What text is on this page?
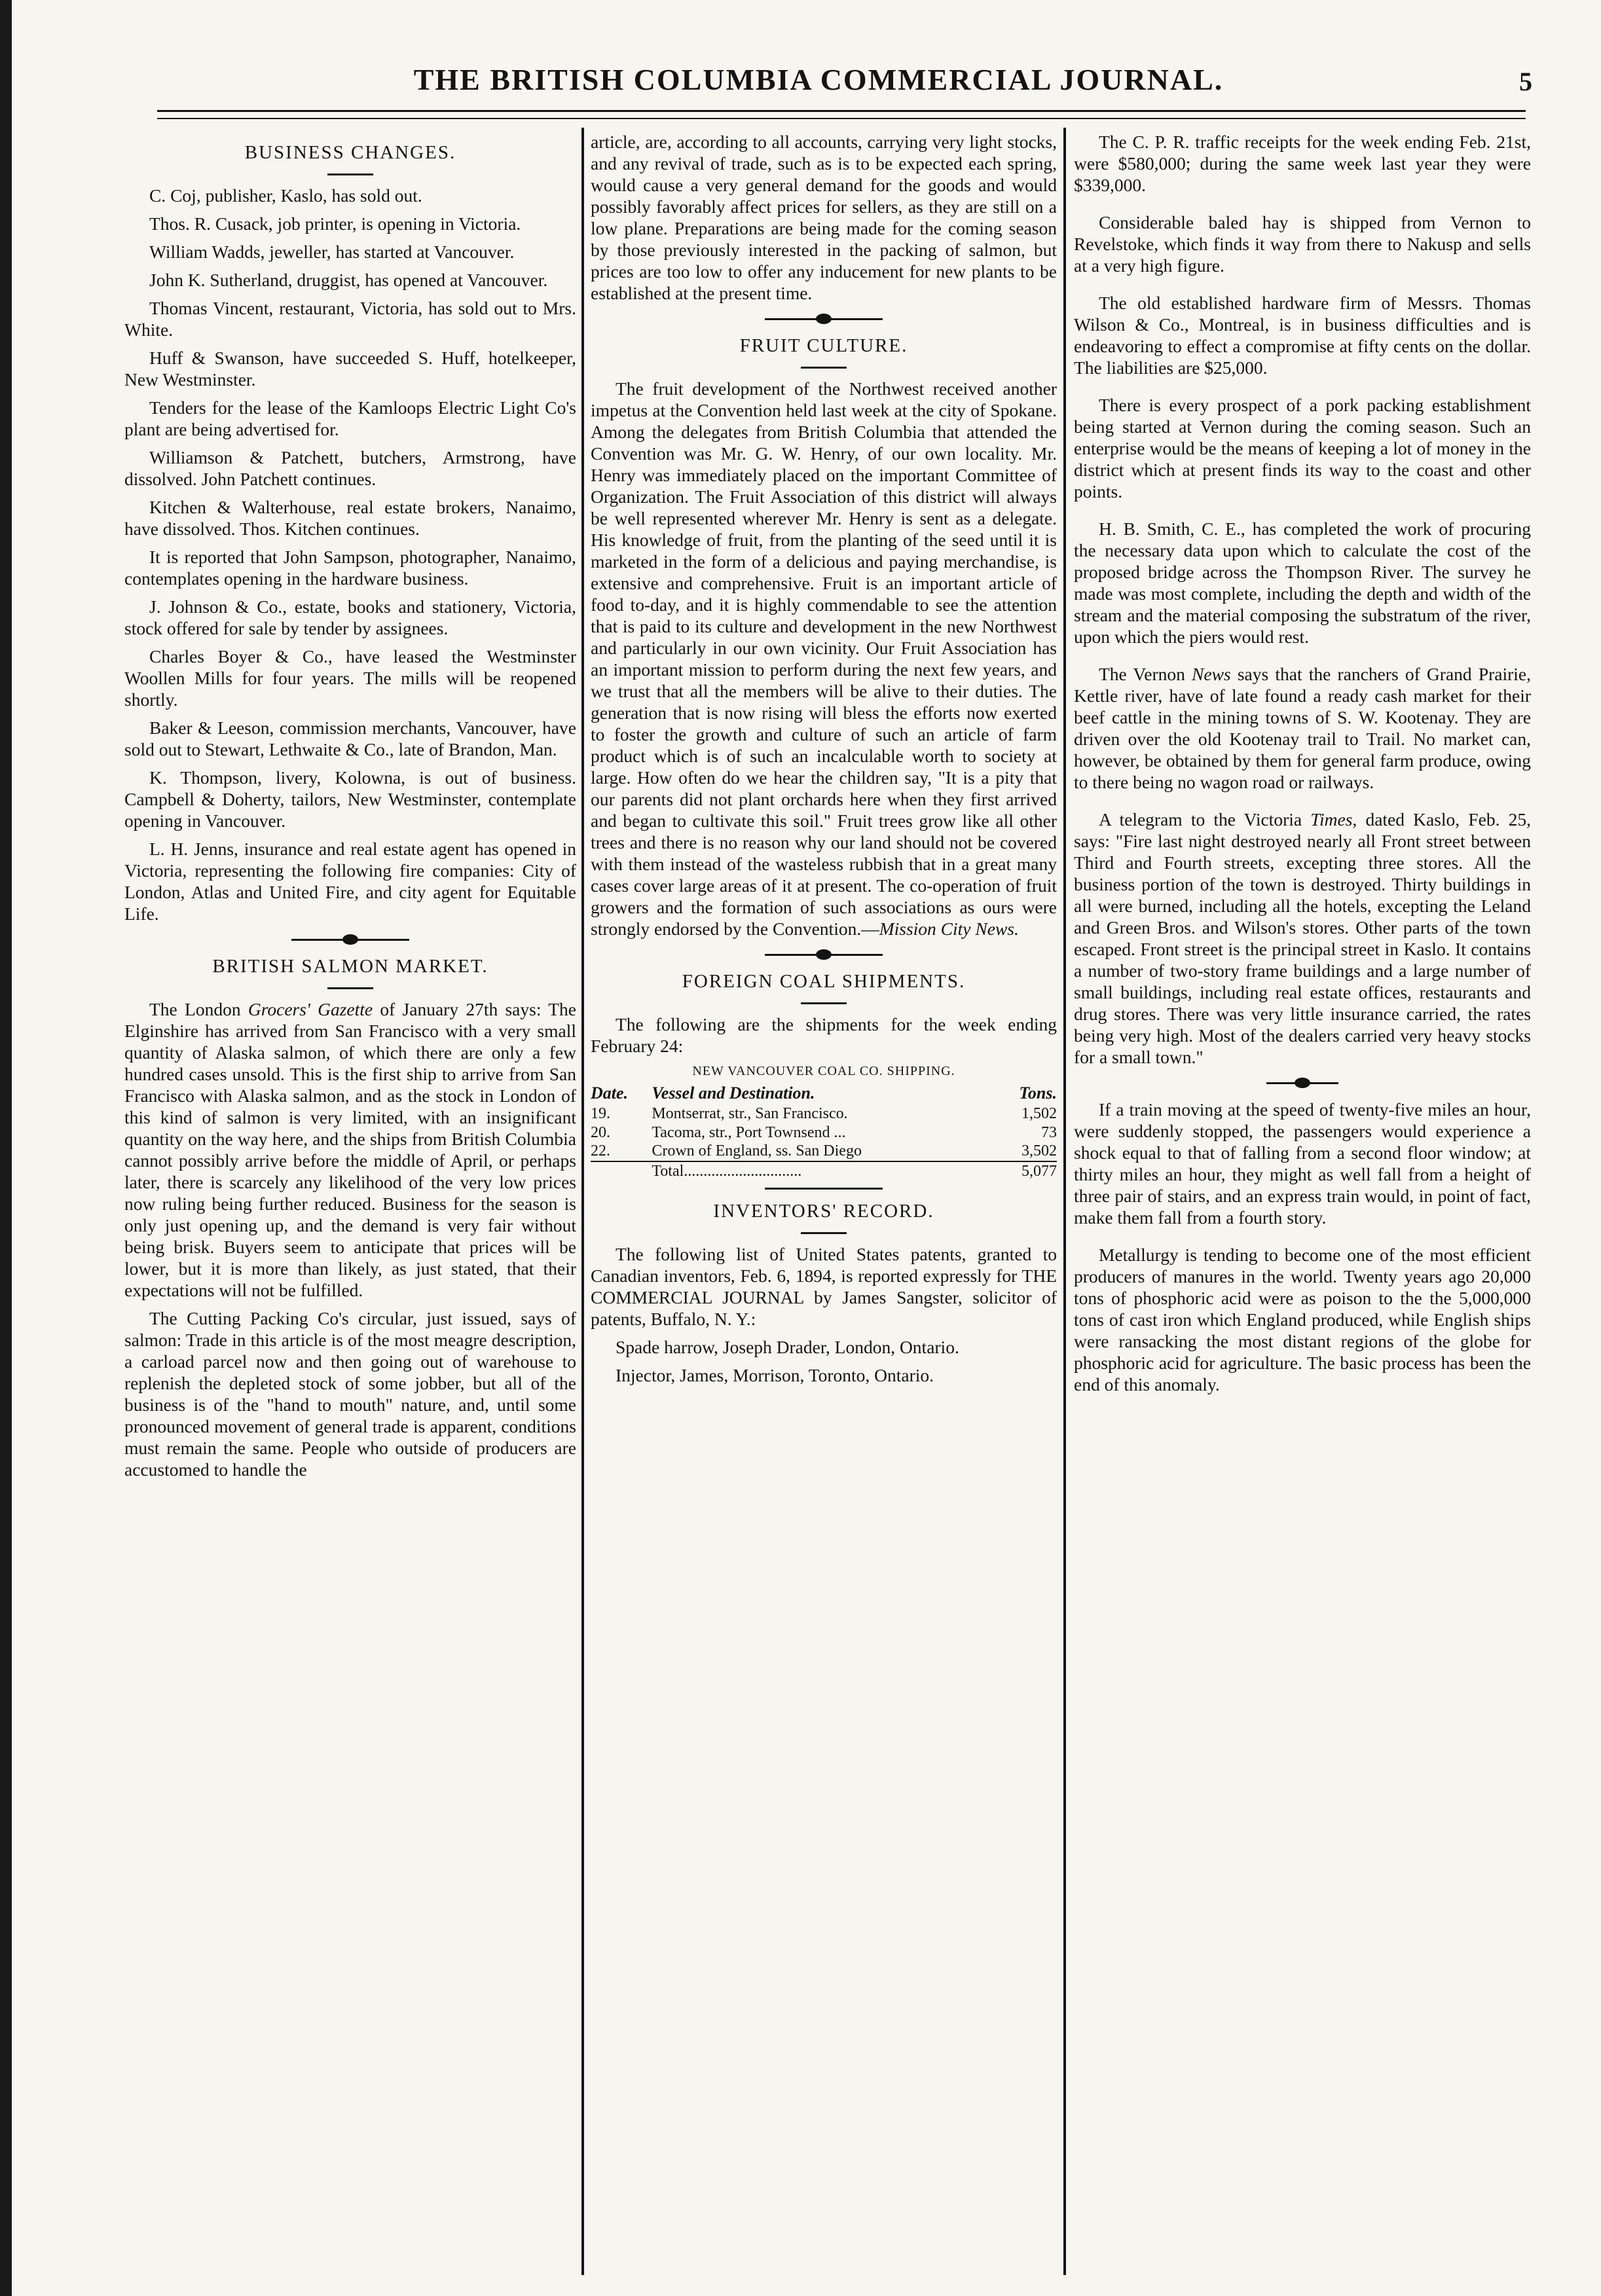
THE BRITISH COLUMBIA COMMERCIAL JOURNAL.	5
BUSINESS CHANGES.

C. Coj, publisher, Kaslo, has sold out.

Thos. R. Cusack, job printer, is opening in Victoria.

William Wadds, jeweller, has started at Vancouver.

John K. Sutherland, druggist, has opened at Vancouver.

Thomas Vincent, restaurant, Victoria, has sold out to Mrs. White.

Huff & Swanson, have succeeded S. Huff, hotelkeeper, New Westminster.

Tenders for the lease of the Kamloops Electric Light Co's plant are being advertised for.

Williamson & Patchett, butchers, Armstrong, have dissolved. John Patchett continues.

Kitchen & Walterhouse, real estate brokers, Nanaimo, have dissolved. Thos. Kitchen continues.

It is reported that John Sampson, photographer, Nanaimo, contemplates opening in the hardware business.

J. Johnson & Co., estate, books and stationery, Victoria, stock offered for sale by tender by assignees.

Charles Boyer & Co., have leased the Westminster Woollen Mills for four years. The mills will be reopened shortly.

Baker & Leeson, commission merchants, Vancouver, have sold out to Stewart, Lethwaite & Co., late of Brandon, Man.

K. Thompson, livery, Kolowna, is out of business. Campbell & Doherty, tailors, New Westminster, contemplate opening in Vancouver.

L. H. Jenns, insurance and real estate agent has opened in Victoria, representing the following fire companies: City of London, Atlas and United Fire, and city agent for Equitable Life.

BRITISH SALMON MARKET.

The London Grocers' Gazette of January 27th says: The Elginshire has arrived from San Francisco with a very small quantity of Alaska salmon, of which there are only a few hundred cases unsold. This is the first ship to arrive from San Francisco with Alaska salmon, and as the stock in London of this kind of salmon is very limited, with an insignificant quantity on the way here, and the ships from British Columbia cannot possibly arrive before the middle of April, or perhaps later, there is scarcely any likelihood of the very low prices now ruling being further reduced. Business for the season is only just opening up, and the demand is very fair without being brisk. Buyers seem to anticipate that prices will be lower, but it is more than likely, as just stated, that their expectations will not be fulfilled.

The Cutting Packing Co's circular, just issued, says of salmon: Trade in this article is of the most meagre description, a carload parcel now and then going out of warehouse to replenish the depleted stock of some jobber, but all of the business is of the "hand to mouth" nature, and, until some pronounced movement of general trade is apparent, conditions must remain the same. People who outside of producers are accustomed to handle the

article, are, according to all accounts, carrying very light stocks, and any revival of trade, such as is to be expected each spring, would cause a very general demand for the goods and would possibly favorably affect prices for sellers, as they are still on a low plane. Preparations are being made for the coming season by those previously interested in the packing of salmon, but prices are too low to offer any inducement for new plants to be established at the present time.

FRUIT CULTURE.

The fruit development of the Northwest received another impetus at the Convention held last week at the city of Spokane. Among the delegates from British Columbia that attended the Convention was Mr. G. W. Henry, of our own locality. Mr. Henry was immediately placed on the important Committee of Organization. The Fruit Association of this district will always be well represented wherever Mr. Henry is sent as a delegate. His knowledge of fruit, from the planting of the seed until it is marketed in the form of a delicious and paying merchandise, is extensive and comprehensive. Fruit is an important article of food to-day, and it is highly commendable to see the attention that is paid to its culture and development in the new Northwest and particularly in our own vicinity. Our Fruit Association has an important mission to perform during the next few years, and we trust that all the members will be alive to their duties. The generation that is now rising will bless the efforts now exerted to foster the growth and culture of such an article of farm product which is of such an incalculable worth to society at large. How often do we hear the children say, "It is a pity that our parents did not plant orchards here when they first arrived and began to cultivate this soil." Fruit trees grow like all other trees and there is no reason why our land should not be covered with them instead of the wasteless rubbish that in a great many cases cover large areas of it at present. The co-operation of fruit growers and the formation of such associations as ours were strongly endorsed by the Convention.—Mission City News.

FOREIGN COAL SHIPMENTS.

The following are the shipments for the week ending February 24:

NEW VANCOUVER COAL CO. SHIPPING.
Date.	Vessel and Destination.	Tons.
19.	Montserrat, str., San Francisco.	1,502
20.	Tacoma, str., Port Townsend ...	73
22.	Crown of England, ss. San Diego	3,502
	Total..............................	5,077
INVENTORS' RECORD.

The following list of United States patents, granted to Canadian inventors, Feb. 6, 1894, is reported expressly for THE COMMERCIAL JOURNAL by James Sangster, solicitor of patents, Buffalo, N. Y.:

Spade harrow, Joseph Drader, London, Ontario.

Injector, James, Morrison, Toronto, Ontario.

The C. P. R. traffic receipts for the week ending Feb. 21st, were $580,000; during the same week last year they were $339,000.

Considerable baled hay is shipped from Vernon to Revelstoke, which finds it way from there to Nakusp and sells at a very high figure.

The old established hardware firm of Messrs. Thomas Wilson & Co., Montreal, is in business difficulties and is endeavoring to effect a compromise at fifty cents on the dollar. The liabilities are $25,000.

There is every prospect of a pork packing establishment being started at Vernon during the coming season. Such an enterprise would be the means of keeping a lot of money in the district which at present finds its way to the coast and other points.

H. B. Smith, C. E., has completed the work of procuring the necessary data upon which to calculate the cost of the proposed bridge across the Thompson River. The survey he made was most complete, including the depth and width of the stream and the material composing the substratum of the river, upon which the piers would rest.

The Vernon News says that the ranchers of Grand Prairie, Kettle river, have of late found a ready cash market for their beef cattle in the mining towns of S. W. Kootenay. They are driven over the old Kootenay trail to Trail. No market can, however, be obtained by them for general farm produce, owing to there being no wagon road or railways.

A telegram to the Victoria Times, dated Kaslo, Feb. 25, says: "Fire last night destroyed nearly all Front street between Third and Fourth streets, excepting three stores. All the business portion of the town is destroyed. Thirty buildings in all were burned, including all the hotels, excepting the Leland and Green Bros. and Wilson's stores. Other parts of the town escaped. Front street is the principal street in Kaslo. It contains a number of two-story frame buildings and a large number of small buildings, including real estate offices, restaurants and drug stores. There was very little insurance carried, the rates being very high. Most of the dealers carried very heavy stocks for a small town."

If a train moving at the speed of twenty-five miles an hour, were suddenly stopped, the passengers would experience a shock equal to that of falling from a second floor window; at thirty miles an hour, they might as well fall from a height of three pair of stairs, and an express train would, in point of fact, make them fall from a fourth story.

Metallurgy is tending to become one of the most efficient producers of manures in the world. Twenty years ago 20,000 tons of phosphoric acid were as poison to the the 5,000,000 tons of cast iron which England produced, while English ships were ransacking the most distant regions of the globe for phosphoric acid for agriculture. The basic process has been the end of this anomaly.
